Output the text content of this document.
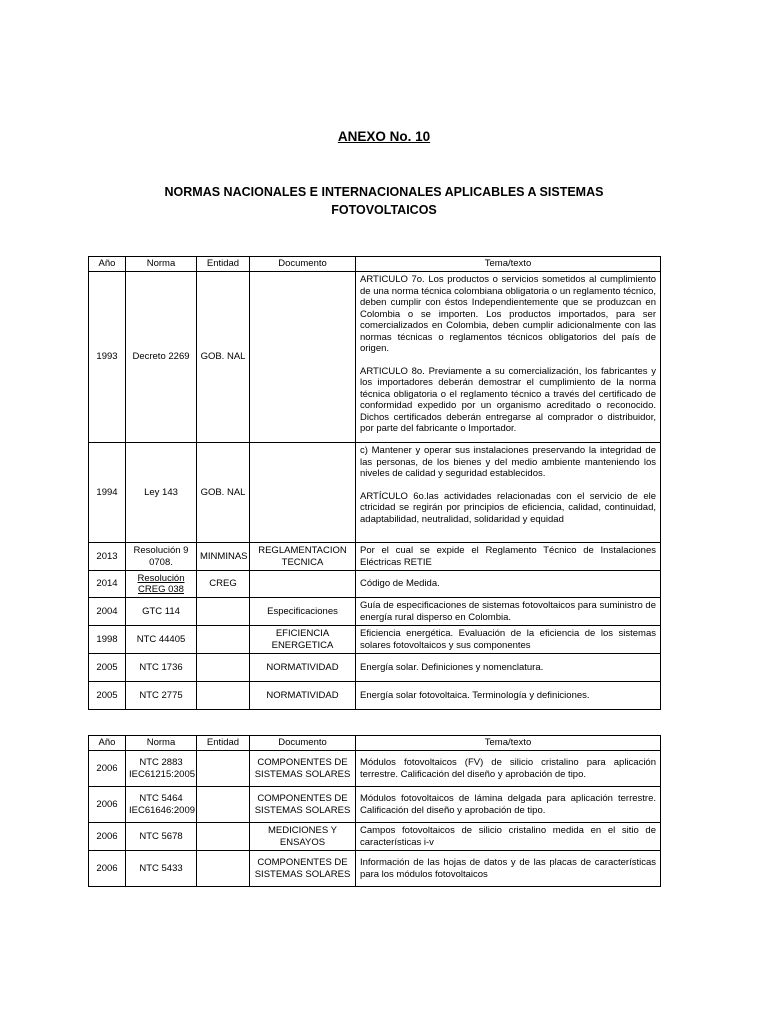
ANEXO No. 10
NORMAS NACIONALES E INTERNACIONALES APLICABLES A SISTEMAS
FOTOVOLTAICOS
Año	Norma	Entidad	Documento	Tema/texto
1993	Decreto 2269	GOB. NAL		ARTICULO 7o. Los productos o servicios sometidos al cumplimiento de una norma técnica colombiana obligatoria o un reglamento técnico, deben cumplir con éstos Independientemente que se produzcan en Colombia o se importen. Los productos importados, para ser comercializados en Colombia, deben cumplir adicionalmente con las normas técnicas o reglamentos técnicos obligatorios del país de origen.

ARTICULO 8o. Previamente a su comercialización, los fabricantes y los importadores deberán demostrar el cumplimiento de la norma técnica obligatoria o el reglamento técnico a través del certificado de conformidad expedido por un organismo acreditado o reconocido. Dichos certificados deberán entregarse al comprador o distribuidor, por parte del fabricante o Importador.

1994	Ley 143	GOB. NAL		c) Mantener y operar sus instalaciones preservando la integridad de las personas, de los bienes y del medio ambiente manteniendo los niveles de calidad y seguridad establecidos.

ARTÍCULO 6o.las actividades relacionadas con el servicio de ele ctricidad se regirán por principios de eficiencia, calidad, continuidad, adaptabilidad, neutralidad, solidaridad y equidad

2013	Resolución 9 0708.	MINMINAS	REGLAMENTACION TECNICA	Por el cual se expide el Reglamento Técnico de Instalaciones Eléctricas RETIE

2014	Resolución CREG 038	CREG		Código de Medida.

2004	GTC 114		Especificaciones	Guía de especificaciones de sistemas fotovoltaicos para suministro de energía rural disperso en Colombia.

1998	NTC 44405		EFICIENCIA ENERGETICA	Eficiencia energética. Evaluación de la eficiencia de los sistemas solares fotovoltaicos y sus componentes

2005	NTC 1736		NORMATIVIDAD	Energía solar. Definiciones y nomenclatura.

2005	NTC 2775		NORMATIVIDAD	Energía solar fotovoltaica. Terminología y definiciones.

Año	Norma	Entidad	Documento	Tema/texto
2006	NTC 2883 IEC61215:2005		COMPONENTES DE SISTEMAS SOLARES	Módulos fotovoltaicos (FV) de silicio cristalino para aplicación terrestre. Calificación del diseño y aprobación de tipo.

2006	NTC 5464 IEC61646:2009		COMPONENTES DE SISTEMAS SOLARES	Módulos fotovoltaicos de lámina delgada para aplicación terrestre. Calificación del diseño y aprobación de tipo.

2006	NTC 5678		MEDICIONES Y ENSAYOS	Campos fotovoltaicos de silicio cristalino medida en el sitio de características i-v

2006	NTC 5433		COMPONENTES DE SISTEMAS SOLARES	Información de las hojas de datos y de las placas de características para los módulos fotovoltaicos
